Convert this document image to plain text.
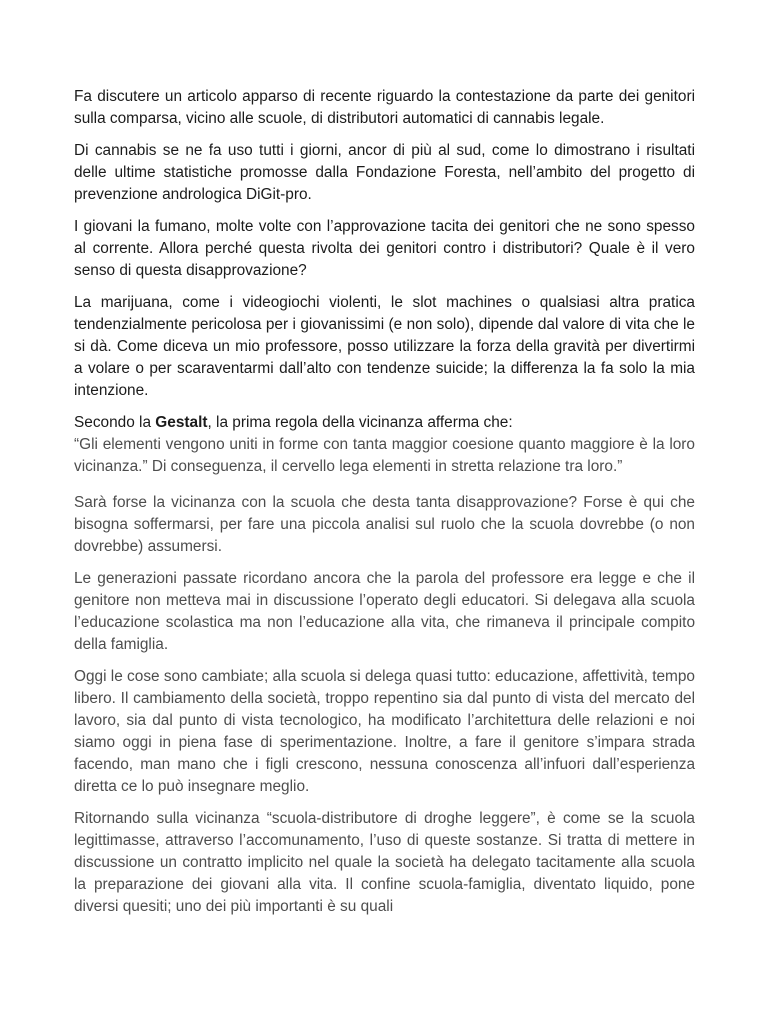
Fa discutere un articolo apparso di recente riguardo la contestazione da parte dei genitori sulla comparsa, vicino alle scuole, di distributori automatici di cannabis legale.

Di cannabis se ne fa uso tutti i giorni, ancor di più al sud, come lo dimostrano i risultati delle ultime statistiche promosse dalla Fondazione Foresta, nell’ambito del progetto di prevenzione andrologica DiGit-pro.

I giovani la fumano, molte volte con l’approvazione tacita dei genitori che ne sono spesso al corrente. Allora perché questa rivolta dei genitori contro i distributori? Quale è il vero senso di questa disapprovazione?

La marijuana, come i videogiochi violenti, le slot machines o qualsiasi altra pratica tendenzialmente pericolosa per i giovanissimi (e non solo), dipende dal valore di vita che le si dà. Come diceva un mio professore, posso utilizzare la forza della gravità per divertirmi a volare o per scaraventarmi dall’alto con tendenze suicide; la differenza la fa solo la mia intenzione.

Secondo la Gestalt, la prima regola della vicinanza afferma che:

“Gli elementi vengono uniti in forme con tanta maggior coesione quanto maggiore è la loro vicinanza.” Di conseguenza, il cervello lega elementi in stretta relazione tra loro.”

Sarà forse la vicinanza con la scuola che desta tanta disapprovazione? Forse è qui che bisogna soffermarsi, per fare una piccola analisi sul ruolo che la scuola dovrebbe (o non dovrebbe) assumersi.

Le generazioni passate ricordano ancora che la parola del professore era legge e che il genitore non metteva mai in discussione l’operato degli educatori. Si delegava alla scuola l’educazione scolastica ma non l’educazione alla vita, che rimaneva il principale compito della famiglia.

Oggi le cose sono cambiate; alla scuola si delega quasi tutto: educazione, affettività, tempo libero. Il cambiamento della società, troppo repentino sia dal punto di vista del mercato del lavoro, sia dal punto di vista tecnologico, ha modificato l’architettura delle relazioni e noi siamo oggi in piena fase di sperimentazione. Inoltre, a fare il genitore s’impara strada facendo, man mano che i figli crescono, nessuna conoscenza all’infuori dall’esperienza diretta ce lo può insegnare meglio.

Ritornando sulla vicinanza “scuola-distributore di droghe leggere”, è come se la scuola legittimasse, attraverso l’accomunamento, l’uso di queste sostanze. Si tratta di mettere in discussione un contratto implicito nel quale la società ha delegato tacitamente alla scuola la preparazione dei giovani alla vita. Il confine scuola-famiglia, diventato liquido, pone diversi quesiti; uno dei più importanti è su quali
